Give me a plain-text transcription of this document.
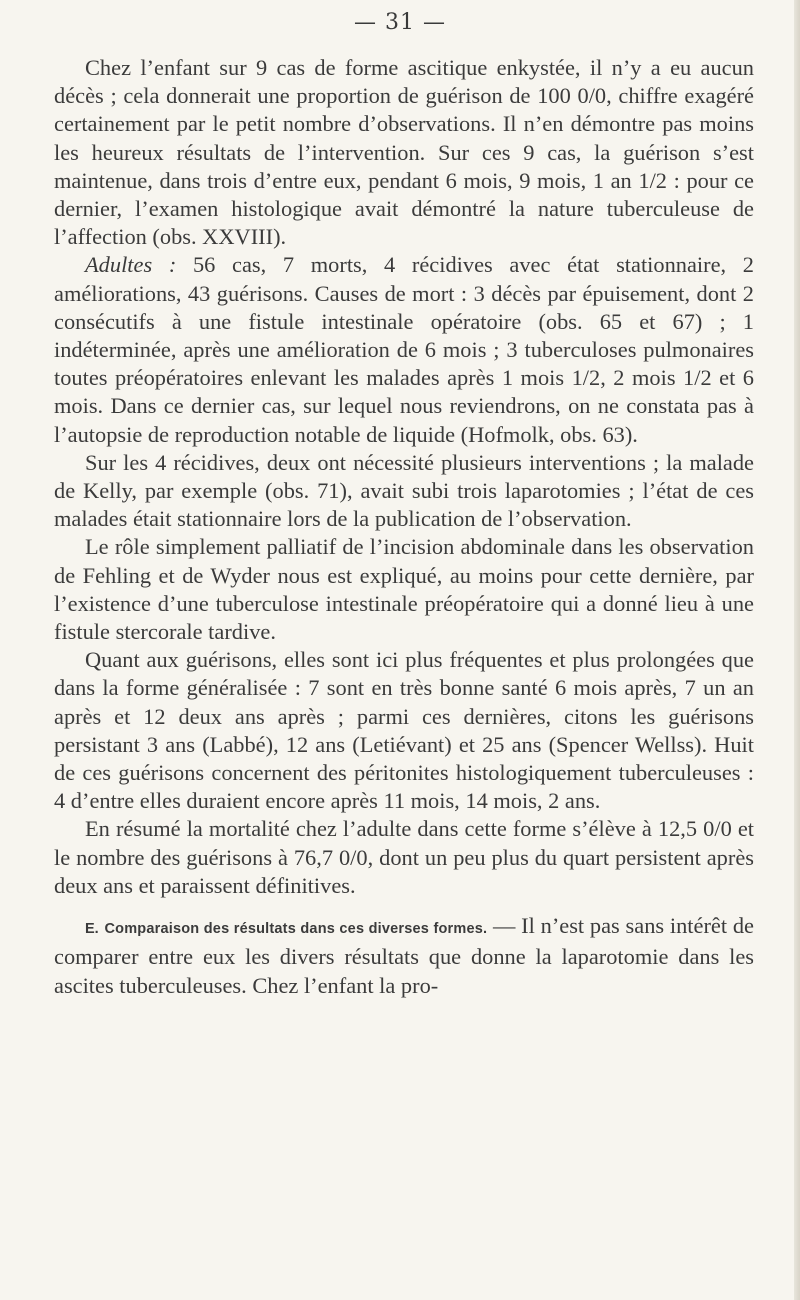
— 31 —

Chez l’enfant sur 9 cas de forme ascitique enkystée, il n’y a eu aucun décès ; cela donnerait une proportion de guérison de 100 0/0, chiffre exagéré certainement par le petit nombre d’observations. Il n’en démontre pas moins les heureux résultats de l’intervention. Sur ces 9 cas, la guérison s’est maintenue, dans trois d’entre eux, pendant 6 mois, 9 mois, 1 an 1/2 : pour ce dernier, l’examen histologique avait démontré la nature tuberculeuse de l’affection (obs. XXVIII).

Adultes : 56 cas, 7 morts, 4 récidives avec état stationnaire, 2 améliorations, 43 guérisons. Causes de mort : 3 décès par épuisement, dont 2 consécutifs à une fistule intestinale opératoire (obs. 65 et 67) ; 1 indéterminée, après une amélioration de 6 mois ; 3 tuberculoses pulmonaires toutes préopératoires enlevant les malades après 1 mois 1/2, 2 mois 1/2 et 6 mois. Dans ce dernier cas, sur lequel nous reviendrons, on ne constata pas à l’autopsie de reproduction notable de liquide (Hofmolk, obs. 63).

Sur les 4 récidives, deux ont nécessité plusieurs interventions ; la malade de Kelly, par exemple (obs. 71), avait subi trois laparotomies ; l’état de ces malades était stationnaire lors de la publication de l’observation.

Le rôle simplement palliatif de l’incision abdominale dans les observation de Fehling et de Wyder nous est expliqué, au moins pour cette dernière, par l’existence d’une tuberculose intestinale préopératoire qui a donné lieu à une fistule stercorale tardive.

Quant aux guérisons, elles sont ici plus fréquentes et plus prolongées que dans la forme généralisée : 7 sont en très bonne santé 6 mois après, 7 un an après et 12 deux ans après ; parmi ces dernières, citons les guérisons persistant 3 ans (Labbé), 12 ans (Letiévant) et 25 ans (Spencer Wellss). Huit de ces guérisons concernent des péritonites histologiquement tuberculeuses : 4 d’entre elles duraient encore après 11 mois, 14 mois, 2 ans.

En résumé la mortalité chez l’adulte dans cette forme s’élève à 12,5 0/0 et le nombre des guérisons à 76,7 0/0, dont un peu plus du quart persistent après deux ans et paraissent définitives.

E. Comparaison des résultats dans ces diverses formes. — Il n’est pas sans intérêt de comparer entre eux les divers résultats que donne la laparotomie dans les ascites tuberculeuses. Chez l’enfant la pro-
